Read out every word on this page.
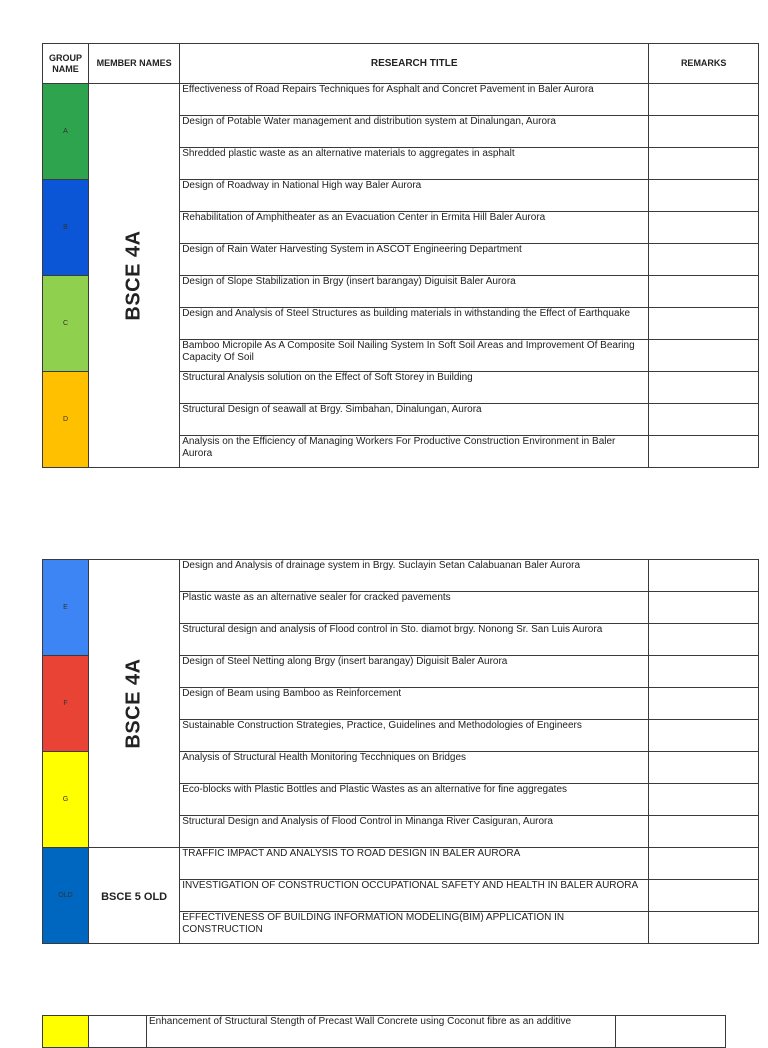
GROUP NAME	MEMBER NAMES	RESEARCH TITLE	REMARKS
A	BSCE 4A	Effectiveness of Road Repairs Techniques for Asphalt and Concret Pavement in Baler Aurora	
		Design of Potable Water management and distribution system at Dinalungan, Aurora	
		Shredded plastic waste as an alternative materials to aggregates in asphalt	
B		Design of Roadway in National High way Baler Aurora	
		Rehabilitation of Amphitheater as an Evacuation Center in Ermita Hill Baler Aurora	
		Design of Rain Water Harvesting System in ASCOT Engineering Department	
C		Design of Slope Stabilization in Brgy (insert barangay) Diguisit Baler Aurora	
		Design and Analysis of Steel Structures as building materials in withstanding the Effect of Earthquake	
		Bamboo Micropile As A Composite Soil Nailing System In Soft Soil Areas and Improvement Of Bearing Capacity Of Soil	
D		Structural Analysis solution on the Effect of Soft Storey in Building	
		Structural Design of seawall at Brgy. Simbahan, Dinalungan, Aurora	
		Analysis on the Efficiency of Managing Workers For Productive Construction Environment in Baler Aurora	
E	BSCE 4A	Design and Analysis of drainage system in Brgy. Suclayin Setan Calabuanan Baler Aurora	
		Plastic waste as an alternative sealer for cracked pavements	
		Structural design and analysis of Flood control in Sto. diamot brgy. Nonong Sr. San Luis Aurora	
F		Design of Steel Netting along Brgy (insert barangay) Diguisit Baler Aurora	
		Design of Beam using Bamboo as Reinforcement	
		Sustainable Construction Strategies, Practice, Guidelines and Methodologies of Engineers	
G		Analysis of Structural Health Monitoring Tecchniques on Bridges	
		Eco-blocks with Plastic Bottles and Plastic Wastes as an alternative for fine aggregates	
		Structural Design and Analysis of Flood Control in Minanga River Casiguran, Aurora	
OLD	BSCE 5 OLD	TRAFFIC IMPACT AND ANALYSIS TO ROAD DESIGN IN BALER AURORA	
		INVESTIGATION OF CONSTRUCTION OCCUPATIONAL SAFETY AND HEALTH IN BALER AURORA	
		EFFECTIVENESS OF BUILDING INFORMATION MODELING(BIM) APPLICATION IN CONSTRUCTION	
		Enhancement of Structural Stength of Precast Wall Concrete using Coconut fibre as an additive	
